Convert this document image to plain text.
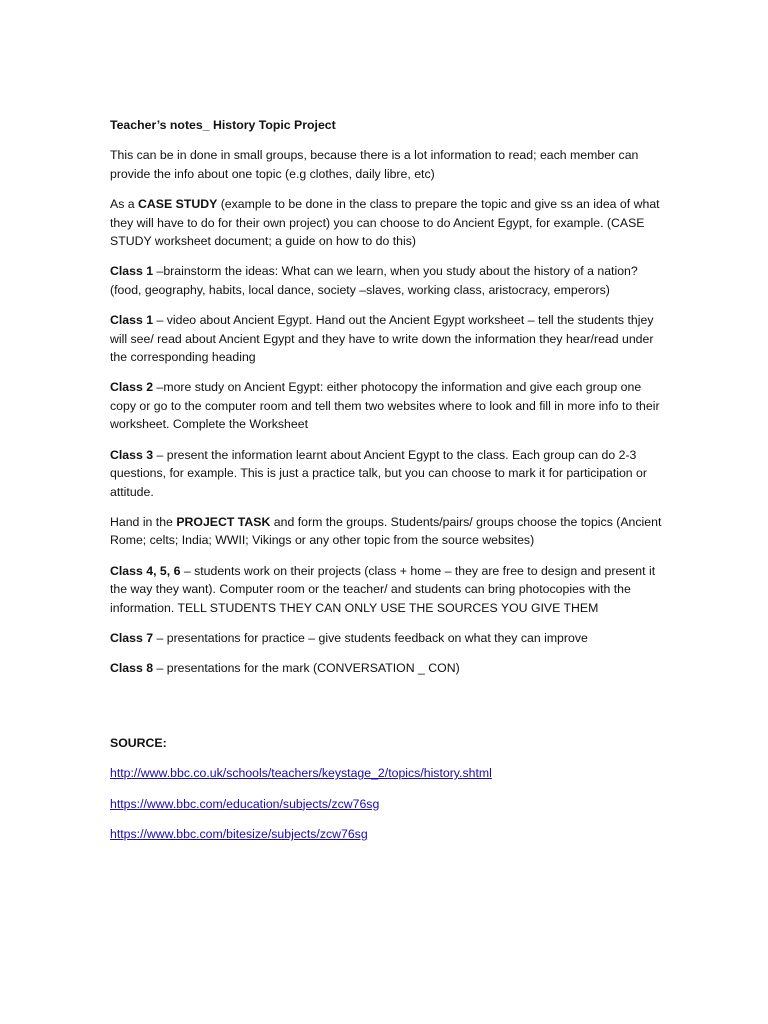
Teacher’s notes_ History Topic Project

This can be in done in small groups, because there is a lot information to read; each member can provide the info about one topic (e.g clothes, daily libre, etc)

As a CASE STUDY (example to be done in the class to prepare the topic and give ss an idea of what they will have to do for their own project) you can choose to do Ancient Egypt, for example. (CASE STUDY worksheet document; a guide on how to do this)

Class 1 –brainstorm the ideas: What can we learn, when you study about the history of a nation? (food, geography, habits, local dance, society –slaves, working class, aristocracy, emperors)

Class 1 – video about Ancient Egypt. Hand out the Ancient Egypt worksheet – tell the students thjey will see/ read about Ancient Egypt and they have to write down the information they hear/read under the corresponding heading

Class 2 –more study on Ancient Egypt: either photocopy the information and give each group one copy or go to the computer room and tell them two websites where to look and fill in more info to their worksheet. Complete the Worksheet

Class 3 – present the information learnt about Ancient Egypt to the class. Each group can do 2-3 questions, for example. This is just a practice talk, but you can choose to mark it for participation or attitude.

Hand in the PROJECT TASK and form the groups. Students/pairs/ groups choose the topics (Ancient Rome; celts; India; WWII; Vikings or any other topic from the source websites)

Class 4, 5, 6 – students work on their projects (class + home – they are free to design and present it the way they want). Computer room or the teacher/ and students can bring photocopies with the information. TELL STUDENTS THEY CAN ONLY USE THE SOURCES YOU GIVE THEM

Class 7 – presentations for practice – give students feedback on what they can improve

Class 8 – presentations for the mark (CONVERSATION _ CON)

SOURCE:

http://www.bbc.co.uk/schools/teachers/keystage_2/topics/history.shtml
https://www.bbc.com/education/subjects/zcw76sg
https://www.bbc.com/bitesize/subjects/zcw76sg
